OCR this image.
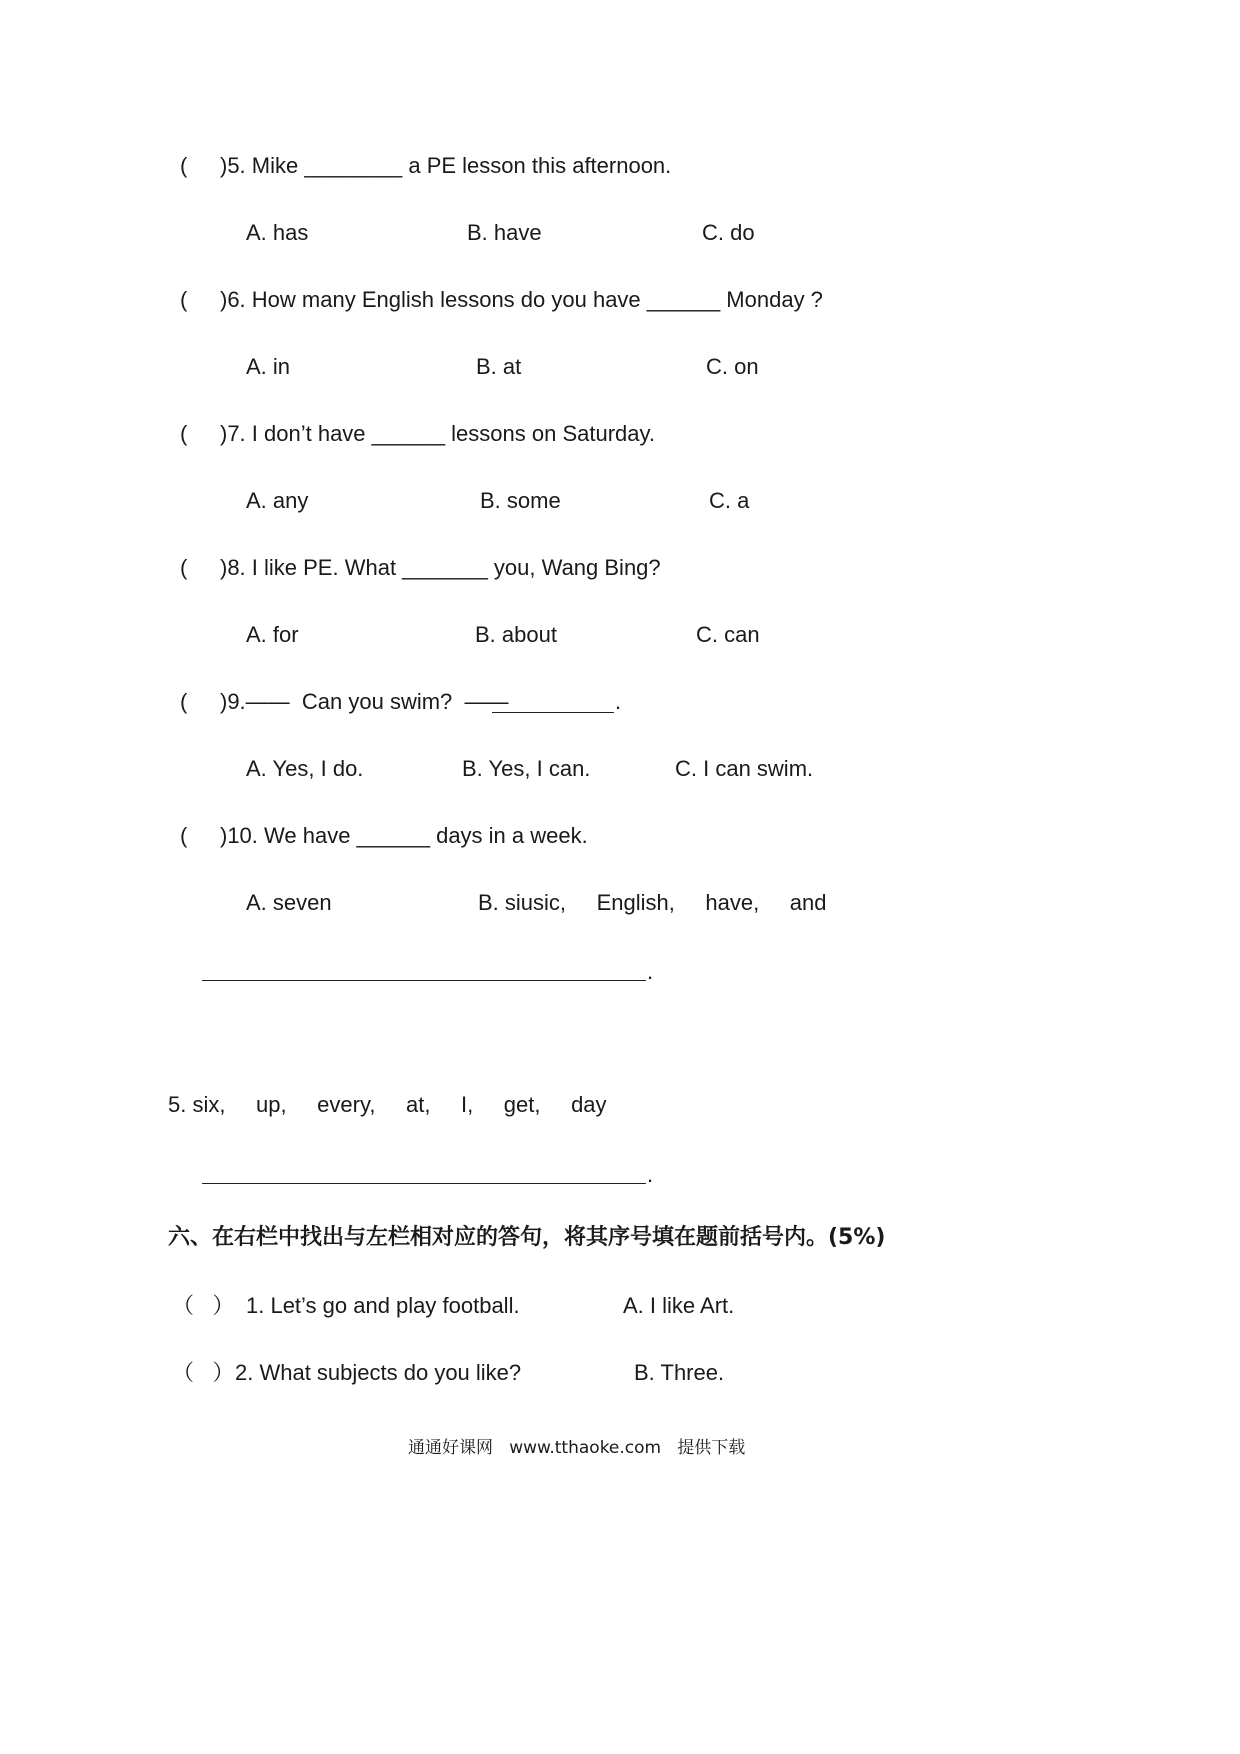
( )5. Mike ________ a PE lesson this afternoon.
A. has	B. have	C. do
( )6. How many English lessons do you have ______ Monday ?
A. in	B. at	C. on
( )7. I don’t have ______ lessons on Saturday.
A. any	B. some	C. a
( )8. I like PE. What _______ you, Wang Bing?
A. for	B. about	C. can
( )9.——  Can you swim?  ——	.
A. Yes, I do.	B. Yes, I can.	C. I can swim.
( )10. We have ______ days in a week.
A. seven	B. siusic,     English,     have,     and
.
5. six,     up,     every,     at,     I,     get,     day
.
六、在右栏中找出与左栏相对应的答句，将其序号填在题前括号内。(5%)
（   ） 1. Let’s go and play football.	A. I like Art.
（   ） 2. What subjects do you like?	B. Three.
通通好课网   www.tthaoke.com   提供下载
